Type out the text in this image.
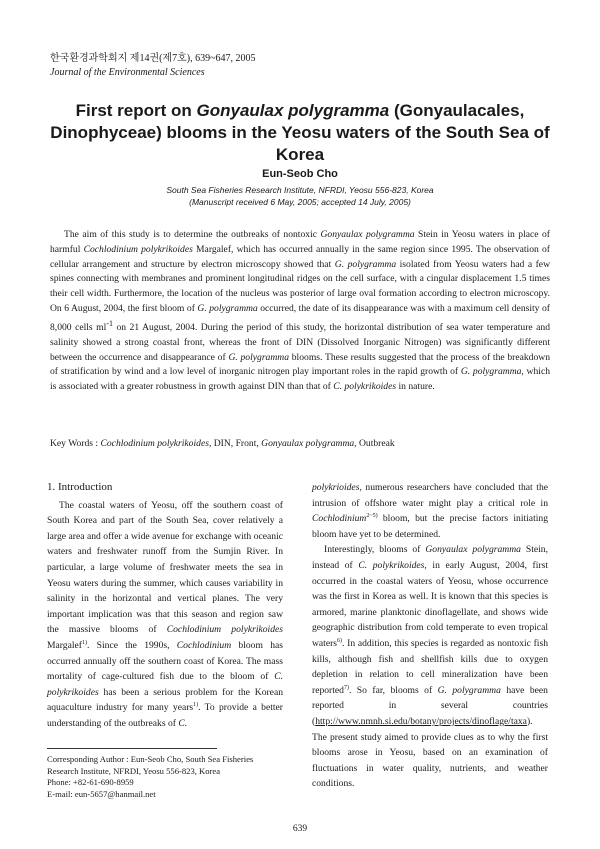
한국환경과학회지 제14권(제7호), 639~647, 2005
Journal of the Environmental Sciences
First report on Gonyaulax polygramma (Gonyaulacales, Dinophyceae) blooms in the Yeosu waters of the South Sea of Korea
Eun-Seob Cho
South Sea Fisheries Research Institute, NFRDI, Yeosu 556-823, Korea
(Manuscript received 6 May, 2005; accepted 14 July, 2005)
The aim of this study is to determine the outbreaks of nontoxic Gonyaulax polygramma Stein in Yeosu waters in place of harmful Cochlodinium polykrikoides Margalef, which has occurred annually in the same region since 1995. The observation of cellular arrangement and structure by electron microscopy showed that G. polygramma isolated from Yeosu waters had a few spines connecting with membranes and prominent longitudinal ridges on the cell surface, with a cingular displacement 1.5 times their cell width. Furthermore, the location of the nucleus was posterior of large oval formation according to electron microscopy. On 6 August, 2004, the first bloom of G. polygramma occurred, the date of its disappearance was with a maximum cell density of 8,000 cells $ml^{-1}$ on 21 August, 2004. During the period of this study, the horizontal distribution of sea water temperature and salinity showed a strong coastal front, whereas the front of DIN (Dissolved Inorganic Nitrogen) was significantly different between the occurrence and disappearance of G. polygramma blooms. These results suggested that the process of the breakdown of stratification by wind and a low level of inorganic nitrogen play important roles in the rapid growth of G. polygramma, which is associated with a greater robustness in growth against DIN than that of C. polykrikoides in nature.
Key Words : Cochlodinium polykrikoides, DIN, Front, Gonyaulax polygramma, Outbreak
1. Introduction

The coastal waters of Yeosu, off the southern coast of South Korea and part of the South Sea, cover relatively a large area and offer a wide avenue for exchange with oceanic waters and freshwater runoff from the Sumjin River. In particular, a large volume of freshwater meets the sea in Yeosu waters during the summer, which causes variability in salinity in the horizontal and vertical planes. The very important implication was that this season and region saw the massive blooms of Cochlodinium polykrikoides Margalef$^{1)}$. Since the 1990s, Cochlodinium bloom has occurred annually off the southern coast of Korea. The mass mortality of cage-cultured fish due to the bloom of C. polykrikoides has been a serious problem for the Korean aquaculture industry for many years$^{1)}$. To provide a better understanding of the outbreaks of C.

polykrioides, numerous researchers have concluded that the intrusion of offshore water might play a critical role in Cochlodinium$^{2\sim 5)}$ bloom, but the precise factors initiating bloom have yet to be determined.

Interestingly, blooms of Gonyaulax polygramma Stein, instead of C. polykrikoides, in early August, 2004, first occurred in the coastal waters of Yeosu, whose occurrence was the first in Korea as well. It is known that this species is armored, marine planktonic dinoflagellate, and shows wide geographic distribution from cold temperate to even tropical waters$^{6)}$. In addition, this species is regarded as nontoxic fish kills, although fish and shellfish kills due to oxygen depletion in relation to cell mineralization have been reported$^{7)}$. So far, blooms of G. polygramma have been reported in several countries (http://www.nmnh.si.edu/botany/projects/dinoflage/taxa). The present study aimed to provide clues as to why the first blooms arose in Yeosu, based on an examination of fluctuations in water quality, nutrients, and weather conditions.

Corresponding Author : Eun-Seob Cho, South Sea Fisheries
Research Institute, NFRDI, Yeosu 556-823, Korea
Phone: +82-61-690-8959
E-mail: eun-5657@hanmail.net
639
